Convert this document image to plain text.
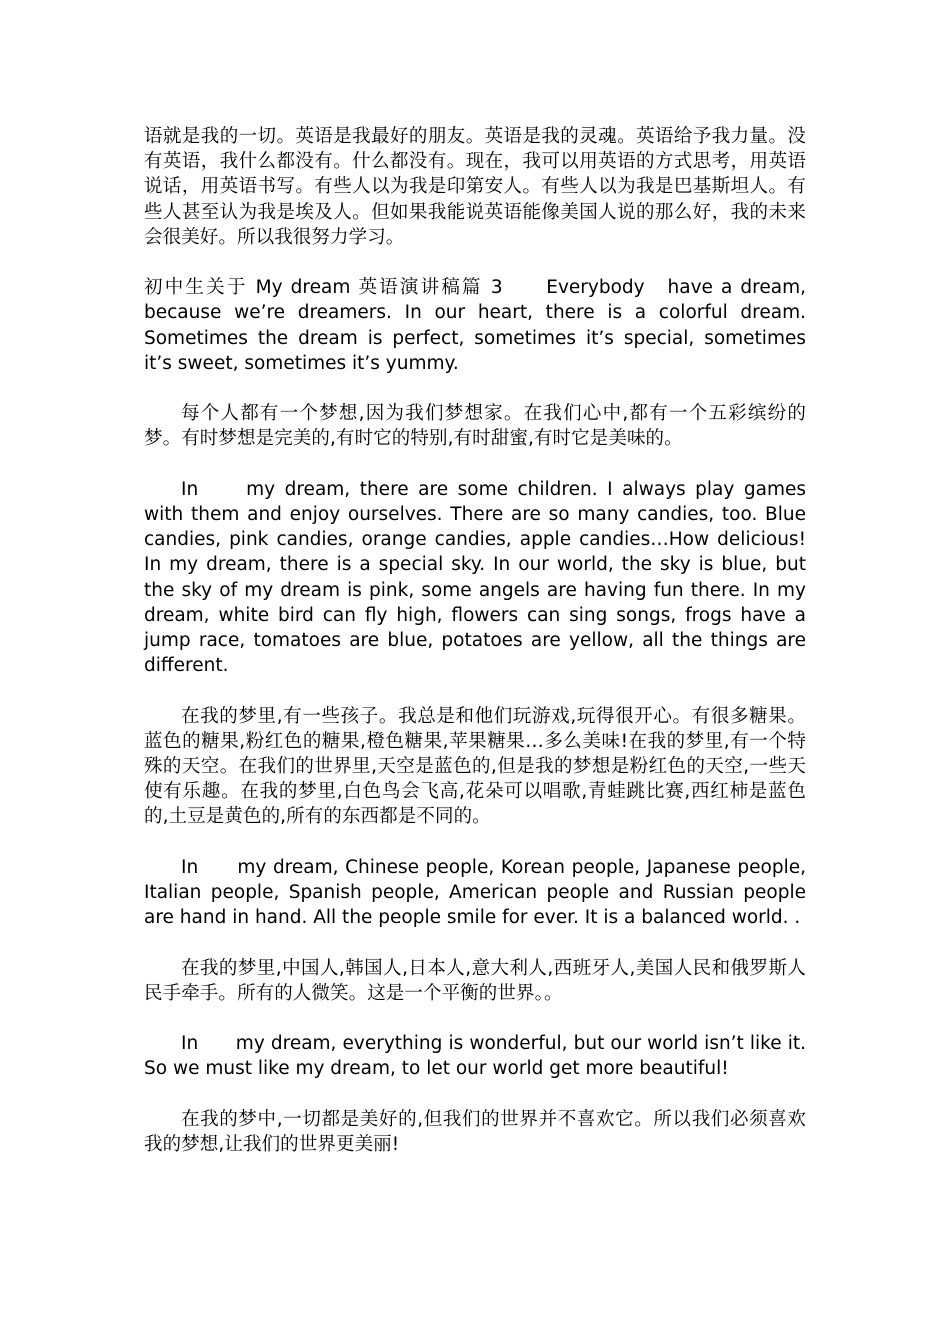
语就是我的一切。英语是我最好的朋友。英语是我的灵魂。英语给予我力量。没有英语，我什么都没有。什么都没有。现在，我可以用英语的方式思考，用英语说话，用英语书写。有些人以为我是印第安人。有些人以为我是巴基斯坦人。有些人甚至认为我是埃及人。但如果我能说英语能像美国人说的那么好，我的未来会很美好。所以我很努力学习。

初中生关于 My dream 英语演讲稿篇 3　　Everybody　have a dream, because we’re dreamers. In our heart, there is a colorful dream. Sometimes the dream is perfect, sometimes it’s special, sometimes it’s sweet, sometimes it’s yummy.

每个人都有一个梦想,因为我们梦想家。在我们心中,都有一个五彩缤纷的梦。有时梦想是完美的,有时它的特别,有时甜蜜,有时它是美味的。

In　　my dream, there are some children. I always play games with them and enjoy ourselves. There are so many candies, too. Blue candies, pink candies, orange candies, apple candies…How delicious! In my dream, there is a special sky. In our world, the sky is blue, but the sky of my dream is pink, some angels are having fun there. In my dream, white bird can fly high, flowers can sing songs, frogs have a jump race, tomatoes are blue, potatoes are yellow, all the things are different.

在我的梦里,有一些孩子。我总是和他们玩游戏,玩得很开心。有很多糖果。蓝色的糖果,粉红色的糖果,橙色糖果,苹果糖果…多么美味!在我的梦里,有一个特殊的天空。在我们的世界里,天空是蓝色的,但是我的梦想是粉红色的天空,一些天使有乐趣。在我的梦里,白色鸟会飞高,花朵可以唱歌,青蛙跳比赛,西红柿是蓝色的,土豆是黄色的,所有的东西都是不同的。

In　　my dream, Chinese people, Korean people, Japanese people, Italian people, Spanish people, American people and Russian people are hand in hand. All the people smile for ever. It is a balanced world. .

在我的梦里,中国人,韩国人,日本人,意大利人,西班牙人,美国人民和俄罗斯人民手牵手。所有的人微笑。这是一个平衡的世界。。

In　　my dream, everything is wonderful, but our world isn’t like it. So we must like my dream, to let our world get more beautiful!

在我的梦中,一切都是美好的,但我们的世界并不喜欢它。所以我们必须喜欢我的梦想,让我们的世界更美丽!
